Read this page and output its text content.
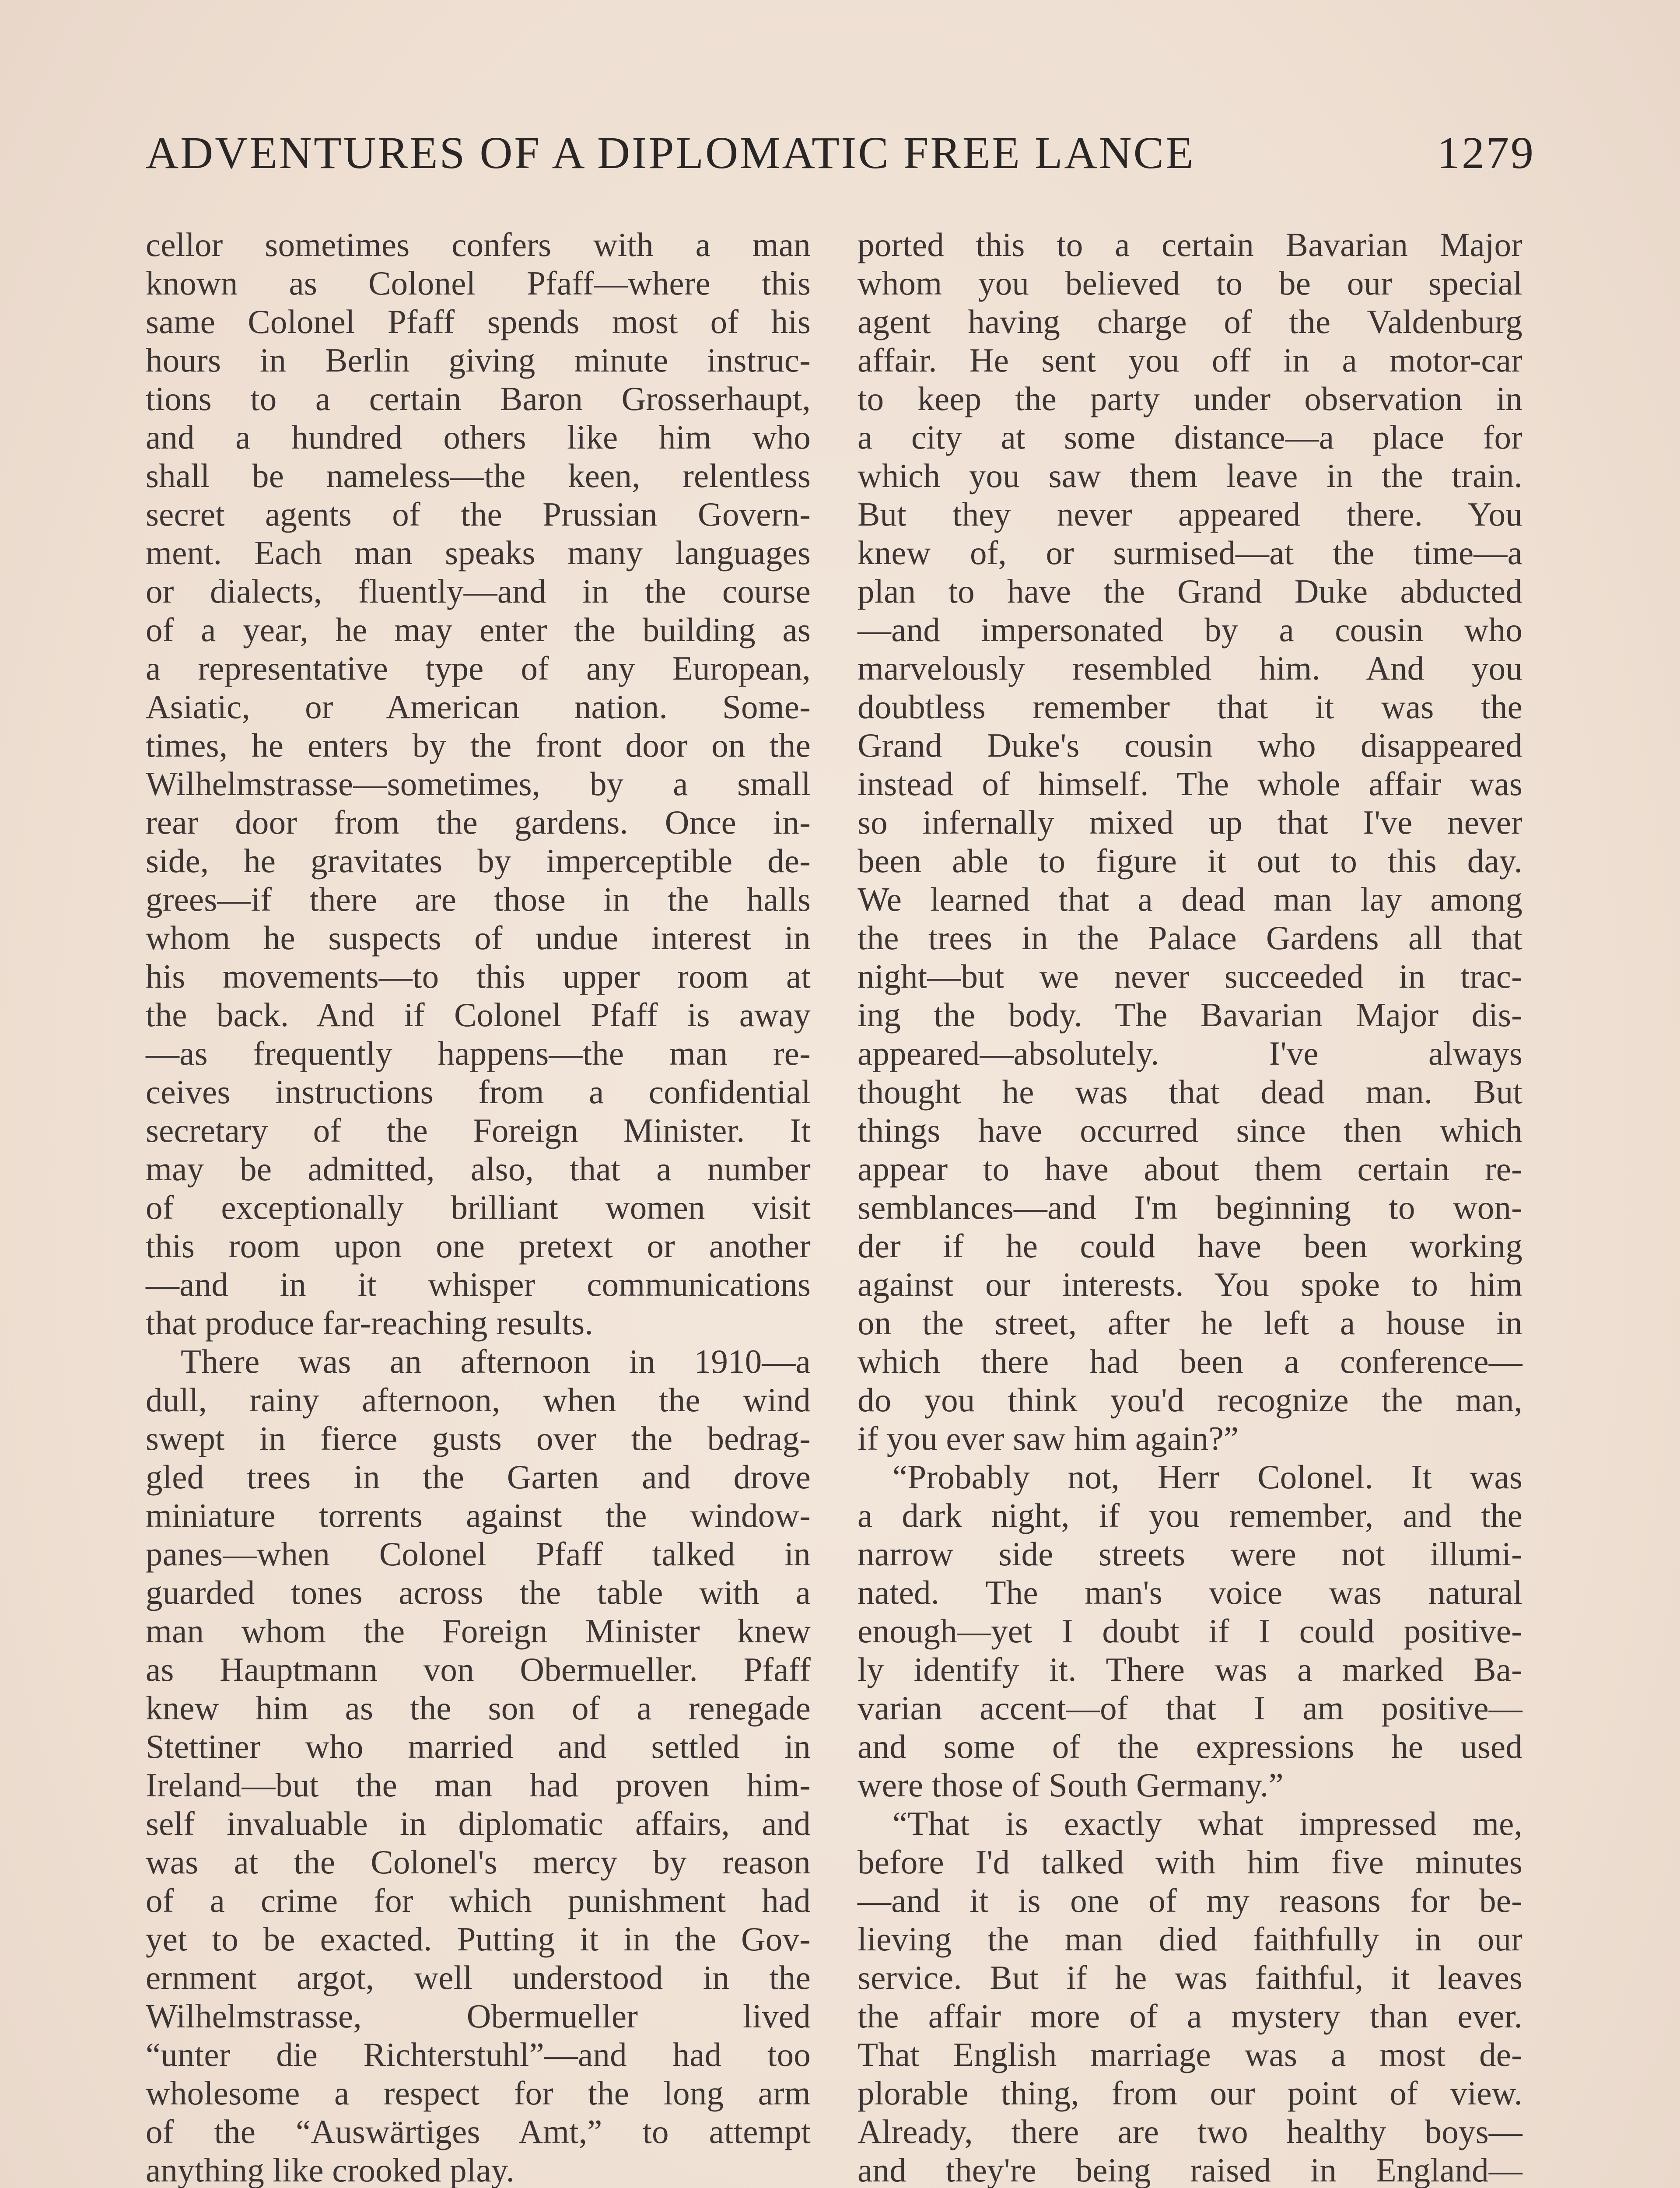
ADVENTURES OF A DIPLOMATIC FREE LANCE	1279
cellor sometimes confers with a man
known as Colonel Pfaff—where this
same Colonel Pfaff spends most of his
hours in Berlin giving minute instruc-
tions to a certain Baron Grosserhaupt,
and a hundred others like him who
shall be nameless—the keen, relentless
secret agents of the Prussian Govern-
ment. Each man speaks many languages
or dialects, fluently—and in the course
of a year, he may enter the building as
a representative type of any European,
Asiatic, or American nation. Some-
times, he enters by the front door on the
Wilhelmstrasse—sometimes, by a small
rear door from the gardens. Once in-
side, he gravitates by imperceptible de-
grees—if there are those in the halls
whom he suspects of undue interest in
his movements—to this upper room at
the back. And if Colonel Pfaff is away
—as frequently happens—the man re-
ceives instructions from a confidential
secretary of the Foreign Minister. It
may be admitted, also, that a number
of exceptionally brilliant women visit
this room upon one pretext or another
—and in it whisper communications
that produce far-reaching results.
There was an afternoon in 1910—a
dull, rainy afternoon, when the wind
swept in fierce gusts over the bedrag-
gled trees in the Garten and drove
miniature torrents against the window-
panes—when Colonel Pfaff talked in
guarded tones across the table with a
man whom the Foreign Minister knew
as Hauptmann von Obermueller. Pfaff
knew him as the son of a renegade
Stettiner who married and settled in
Ireland—but the man had proven him-
self invaluable in diplomatic affairs, and
was at the Colonel's mercy by reason
of a crime for which punishment had
yet to be exacted. Putting it in the Gov-
ernment argot, well understood in the
Wilhelmstrasse, Obermueller lived
“unter die Richterstuhl”—and had too
wholesome a respect for the long arm
of the “Auswärtiges Amt,” to attempt
anything like crooked play.
ported this to a certain Bavarian Major
whom you believed to be our special
agent having charge of the Valdenburg
affair. He sent you off in a motor-car
to keep the party under observation in
a city at some distance—a place for
which you saw them leave in the train.
But they never appeared there. You
knew of, or surmised—at the time—a
plan to have the Grand Duke abducted
—and impersonated by a cousin who
marvelously resembled him. And you
doubtless remember that it was the
Grand Duke's cousin who disappeared
instead of himself. The whole affair was
so infernally mixed up that I've never
been able to figure it out to this day.
We learned that a dead man lay among
the trees in the Palace Gardens all that
night—but we never succeeded in trac-
ing the body. The Bavarian Major dis-
appeared—absolutely. I've always
thought he was that dead man. But
things have occurred since then which
appear to have about them certain re-
semblances—and I'm beginning to won-
der if he could have been working
against our interests. You spoke to him
on the street, after he left a house in
which there had been a conference—
do you think you'd recognize the man,
if you ever saw him again?”
“Probably not, Herr Colonel. It was
a dark night, if you remember, and the
narrow side streets were not illumi-
nated. The man's voice was natural
enough—yet I doubt if I could positive-
ly identify it. There was a marked Ba-
varian accent—of that I am positive—
and some of the expressions he used
were those of South Germany.”
“That is exactly what impressed me,
before I'd talked with him five minutes
—and it is one of my reasons for be-
lieving the man died faithfully in our
service. But if he was faithful, it leaves
the affair more of a mystery than ever.
That English marriage was a most de-
plorable thing, from our point of view.
Already, there are two healthy boys—
and they're being raised in England—
